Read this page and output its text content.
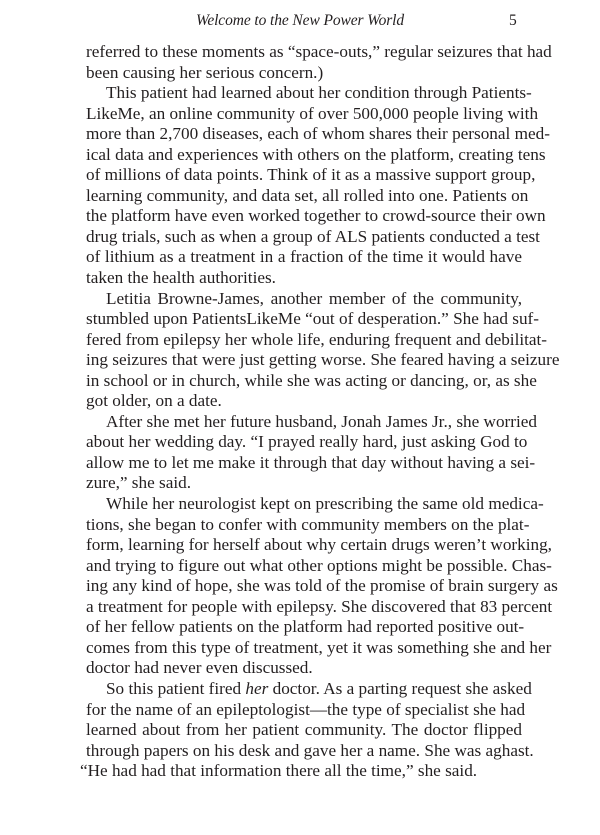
Welcome to the New Power World	5
referred to these moments as “space-outs,” regular seizures that had
been causing her serious concern.)
This patient had learned about her condition through Patients-
LikeMe, an online community of over 500,000 people living with
more than 2,700 diseases, each of whom shares their personal med-
ical data and experiences with others on the platform, creating tens
of millions of data points. Think of it as a massive support group,
learning community, and data set, all rolled into one. Patients on
the platform have even worked together to crowd-source their own
drug trials, such as when a group of ALS patients conducted a test
of lithium as a treatment in a fraction of the time it would have
taken the health authorities.
Letitia Browne-James, another member of the community,
stumbled upon PatientsLikeMe “out of desperation.” She had suf-
fered from epilepsy her whole life, enduring frequent and debilitat-
ing seizures that were just getting worse. She feared having a seizure
in school or in church, while she was acting or dancing, or, as she
got older, on a date.
After she met her future husband, Jonah James Jr., she worried
about her wedding day. “I prayed really hard, just asking God to
allow me to let me make it through that day without having a sei-
zure,” she said.
While her neurologist kept on prescribing the same old medica-
tions, she began to confer with community members on the plat-
form, learning for herself about why certain drugs weren’t working,
and trying to figure out what other options might be possible. Chas-
ing any kind of hope, she was told of the promise of brain surgery as
a treatment for people with epilepsy. She discovered that 83 percent
of her fellow patients on the platform had reported positive out-
comes from this type of treatment, yet it was something she and her
doctor had never even discussed.
So this patient fired her doctor. As a parting request she asked
for the name of an epileptologist—the type of specialist she had
learned about from her patient community. The doctor flipped
through papers on his desk and gave her a name. She was aghast.
“He had had that information there all the time,” she said.
